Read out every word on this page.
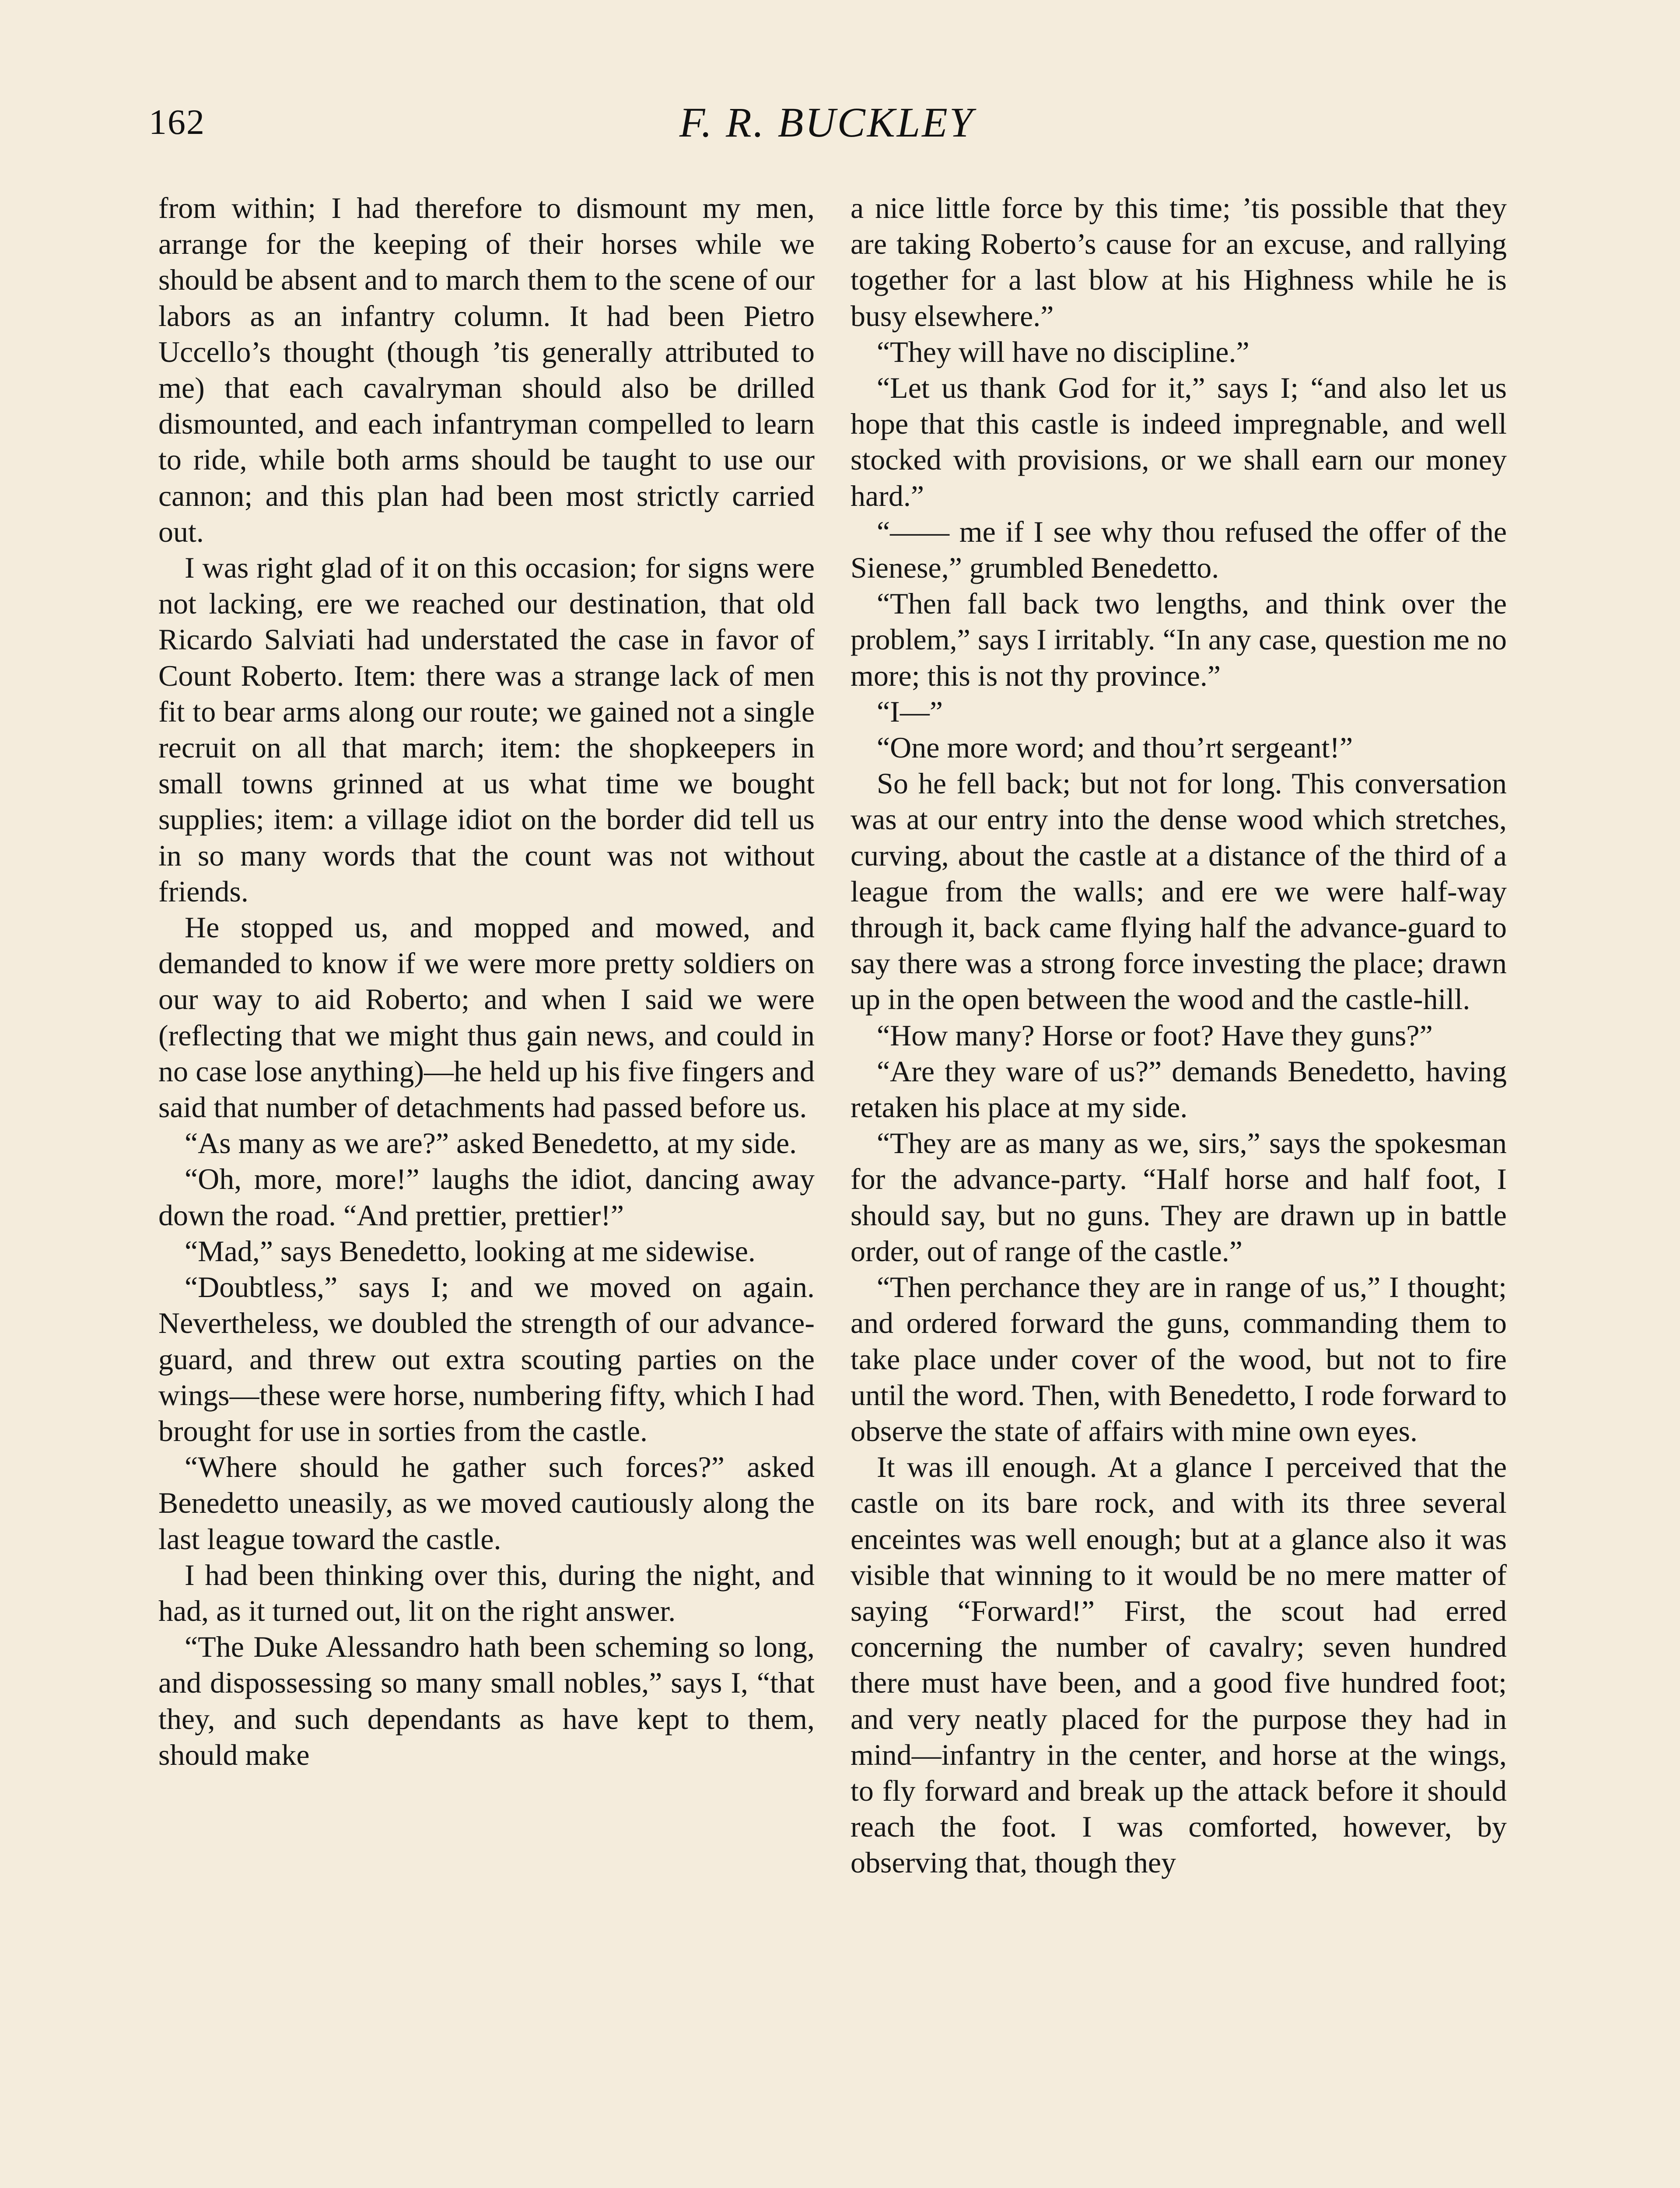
162	F. R. BUCKLEY

from within; I had therefore to dismount my men, arrange for the keeping of their horses while we should be absent and to march them to the scene of our labors as an infantry column. It had been Pietro Uccello’s thought (though ’tis generally attributed to me) that each cavalryman should also be drilled dismounted, and each infantryman compelled to learn to ride, while both arms should be taught to use our cannon; and this plan had been most strictly carried out.

I was right glad of it on this occasion; for signs were not lacking, ere we reached our destination, that old Ricardo Salviati had understated the case in favor of Count Roberto. Item: there was a strange lack of men fit to bear arms along our route; we gained not a single recruit on all that march; item: the shopkeepers in small towns grinned at us what time we bought supplies; item: a village idiot on the border did tell us in so many words that the count was not without friends.

He stopped us, and mopped and mowed, and demanded to know if we were more pretty soldiers on our way to aid Roberto; and when I said we were (reflecting that we might thus gain news, and could in no case lose anything)—he held up his five fingers and said that number of detachments had passed before us.

“As many as we are?” asked Benedetto, at my side.

“Oh, more, more!” laughs the idiot, dancing away down the road. “And prettier, prettier!”

“Mad,” says Benedetto, looking at me sidewise.

“Doubtless,” says I; and we moved on again. Nevertheless, we doubled the strength of our advance-guard, and threw out extra scouting parties on the wings—these were horse, numbering fifty, which I had brought for use in sorties from the castle.

“Where should he gather such forces?” asked Benedetto uneasily, as we moved cautiously along the last league toward the castle.

I had been thinking over this, during the night, and had, as it turned out, lit on the right answer.

“The Duke Alessandro hath been scheming so long, and dispossessing so many small nobles,” says I, “that they, and such dependants as have kept to them, should make

a nice little force by this time; ’tis possible that they are taking Roberto’s cause for an excuse, and rallying together for a last blow at his Highness while he is busy elsewhere.”

“They will have no discipline.”

“Let us thank God for it,” says I; “and also let us hope that this castle is indeed impregnable, and well stocked with provisions, or we shall earn our money hard.”

“—— me if I see why thou refused the offer of the Sienese,” grumbled Benedetto.

“Then fall back two lengths, and think over the problem,” says I irritably. “In any case, question me no more; this is not thy province.”

“I—”

“One more word; and thou’rt sergeant!”

So he fell back; but not for long. This conversation was at our entry into the dense wood which stretches, curving, about the castle at a distance of the third of a league from the walls; and ere we were half-way through it, back came flying half the advance-guard to say there was a strong force investing the place; drawn up in the open between the wood and the castle-hill.

“How many? Horse or foot? Have they guns?”

“Are they ware of us?” demands Benedetto, having retaken his place at my side.

“They are as many as we, sirs,” says the spokesman for the advance-party. “Half horse and half foot, I should say, but no guns. They are drawn up in battle order, out of range of the castle.”

“Then perchance they are in range of us,” I thought; and ordered forward the guns, commanding them to take place under cover of the wood, but not to fire until the word. Then, with Benedetto, I rode forward to observe the state of affairs with mine own eyes.

It was ill enough. At a glance I perceived that the castle on its bare rock, and with its three several enceintes was well enough; but at a glance also it was visible that winning to it would be no mere matter of saying “Forward!” First, the scout had erred concerning the number of cavalry; seven hundred there must have been, and a good five hundred foot; and very neatly placed for the purpose they had in mind—infantry in the center, and horse at the wings, to fly forward and break up the attack before it should reach the foot. I was comforted, however, by observing that, though they
